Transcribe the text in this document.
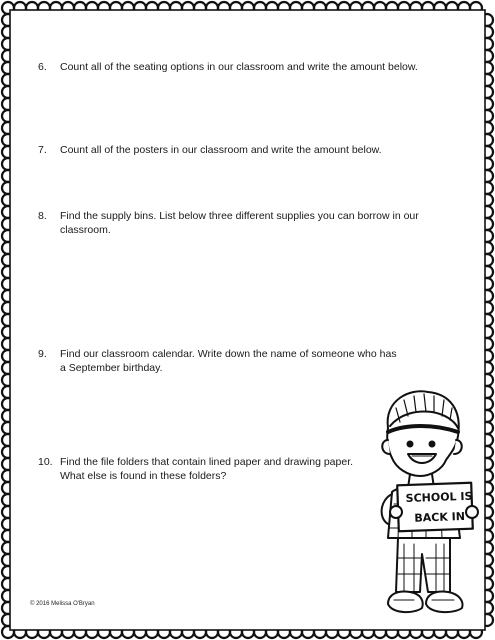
6. Count all of the seating options in our classroom and write the amount below.
7. Count all of the posters in our classroom and write the amount below.
8. Find the supply bins. List below three different supplies you can borrow in our classroom.
9. Find our classroom calendar. Write down the name of someone who has a September birthday.
10. Find the file folders that contain lined paper and drawing paper. What else is found in these folders?
SCHOOL IS
BACK IN
© 2016 Melissa O'Bryan
